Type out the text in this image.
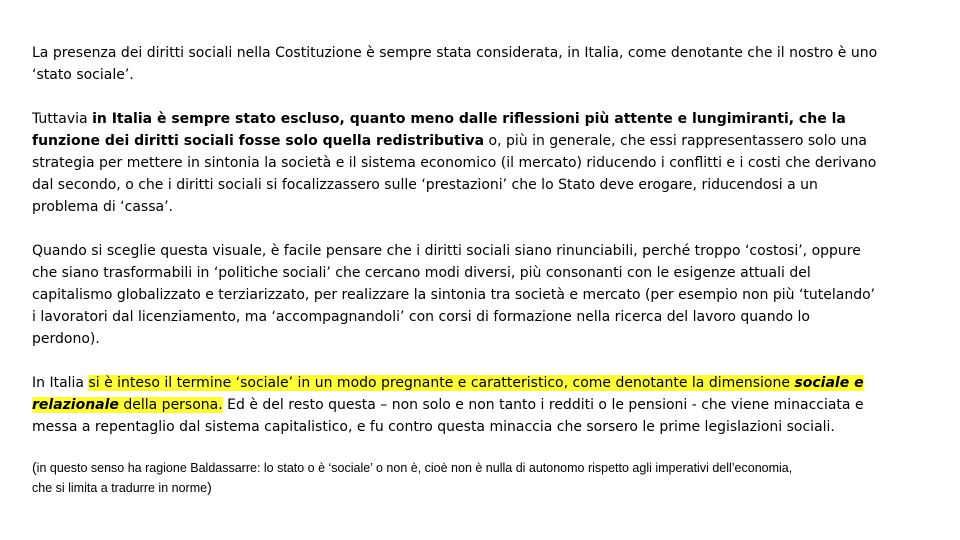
La presenza dei diritti sociali nella Costituzione è sempre stata considerata, in Italia, come denotante che il nostro è uno ‘stato sociale’.

Tuttavia in Italia è sempre stato escluso, quanto meno dalle riflessioni più attente e lungimiranti, che la funzione dei diritti sociali fosse solo quella redistributiva o, più in generale, che essi rappresentassero solo una strategia per mettere in sintonia la società e il sistema economico (il mercato) riducendo i conflitti e i costi che derivano dal secondo, o che i diritti sociali si focalizzassero sulle ‘prestazioni’ che lo Stato deve erogare, riducendosi a un problema di ‘cassa’.

Quando si sceglie questa visuale, è facile pensare che i diritti sociali siano rinunciabili, perché troppo ‘costosi’, oppure che siano trasformabili in ‘politiche sociali’ che cercano modi diversi, più consonanti con le esigenze attuali del capitalismo globalizzato e terziarizzato, per realizzare la sintonia tra società e mercato (per esempio non più ‘tutelando’ i lavoratori dal licenziamento, ma ‘accompagnandoli’ con corsi di formazione nella ricerca del lavoro quando lo perdono).

In Italia si è inteso il termine ‘sociale’ in un modo pregnante e caratteristico, come denotante la dimensione sociale e relazionale della persona. Ed è del resto questa – non solo e non tanto i redditi o le pensioni - che viene minacciata e messa a repentaglio dal sistema capitalistico, e fu contro questa minaccia che sorsero le prime legislazioni sociali.

(in questo senso ha ragione Baldassarre: lo stato o è ‘sociale’ o non è, cioè non è nulla di autonomo rispetto agli imperativi dell’economia, che si limita a tradurre in norme)
